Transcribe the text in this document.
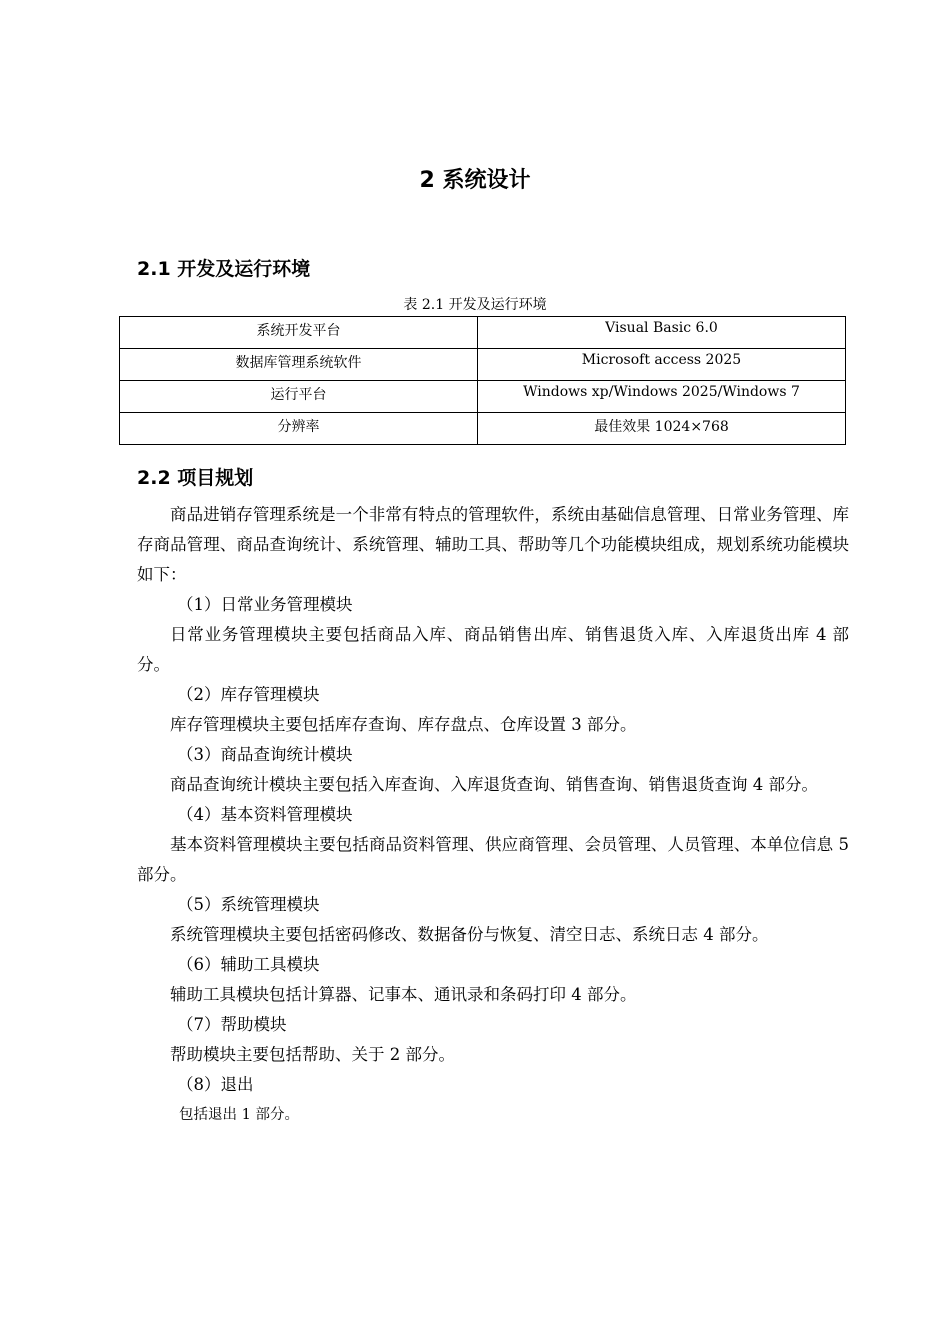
2 系统设计
2.1 开发及运行环境
表 2.1 开发及运行环境
系统开发平台	Visual Basic 6.0
数据库管理系统软件	Microsoft access 2025
运行平台	Windows xp/Windows 2025/Windows 7
分辨率	最佳效果 1024×768
2.2 项目规划

商品进销存管理系统是一个非常有特点的管理软件，系统由基础信息管理、日常业务管理、库存商品管理、商品查询统计、系统管理、辅助工具、帮助等几个功能模块组成，规划系统功能模块如下：

（1）日常业务管理模块

日常业务管理模块主要包括商品入库、商品销售出库、销售退货入库、入库退货出库 4 部分。

（2）库存管理模块

库存管理模块主要包括库存查询、库存盘点、仓库设置 3 部分。

（3）商品查询统计模块

商品查询统计模块主要包括入库查询、入库退货查询、销售查询、销售退货查询 4 部分。

（4）基本资料管理模块

基本资料管理模块主要包括商品资料管理、供应商管理、会员管理、人员管理、本单位信息 5 部分。

（5）系统管理模块

系统管理模块主要包括密码修改、数据备份与恢复、清空日志、系统日志 4 部分。

（6）辅助工具模块

辅助工具模块包括计算器、记事本、通讯录和条码打印 4 部分。

（7）帮助模块

帮助模块主要包括帮助、关于 2 部分。

（8）退出

包括退出 1 部分。
